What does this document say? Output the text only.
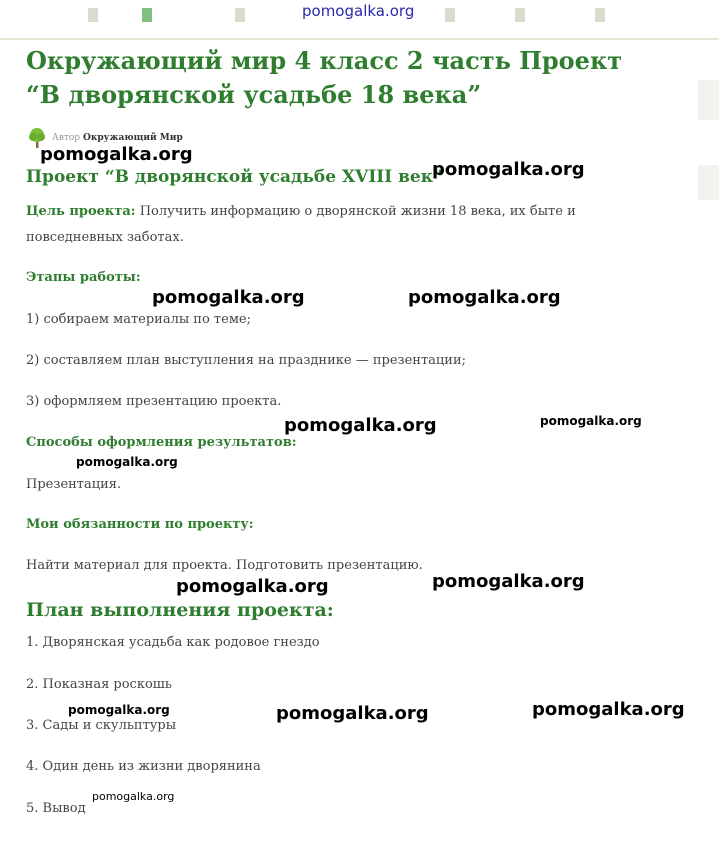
pomogalka.org
Окружающий мир 4 класс 2 часть Проект “В дворянской усадьбе 18 века”
Автор Окружающий Мир
Проект “В дворянской усадьбе XVIII век”
Цель проекта: Получить информацию о дворянской жизни 18 века, их быте и повседневных заботах.
Этапы работы:
1) собираем материалы по теме;
2) составляем план выступления на празднике — презентации;
3) оформляем презентацию проекта.
Способы оформления результатов:
Презентация.
Мои обязанности по проекту:
Найти материал для проекта. Подготовить презентацию.
План выполнения проекта:
1. Дворянская усадьба как родовое гнездо
2. Показная роскошь
3. Сады и скульптуры
4. Один день из жизни дворянина
5. Вывод
pomogalka.org
pomogalka.org
pomogalka.org	pomogalka.org
pomogalka.org	pomogalka.org
pomogalka.org
pomogalka.org	pomogalka.org
pomogalka.org	pomogalka.org	pomogalka.org
pomogalka.org
